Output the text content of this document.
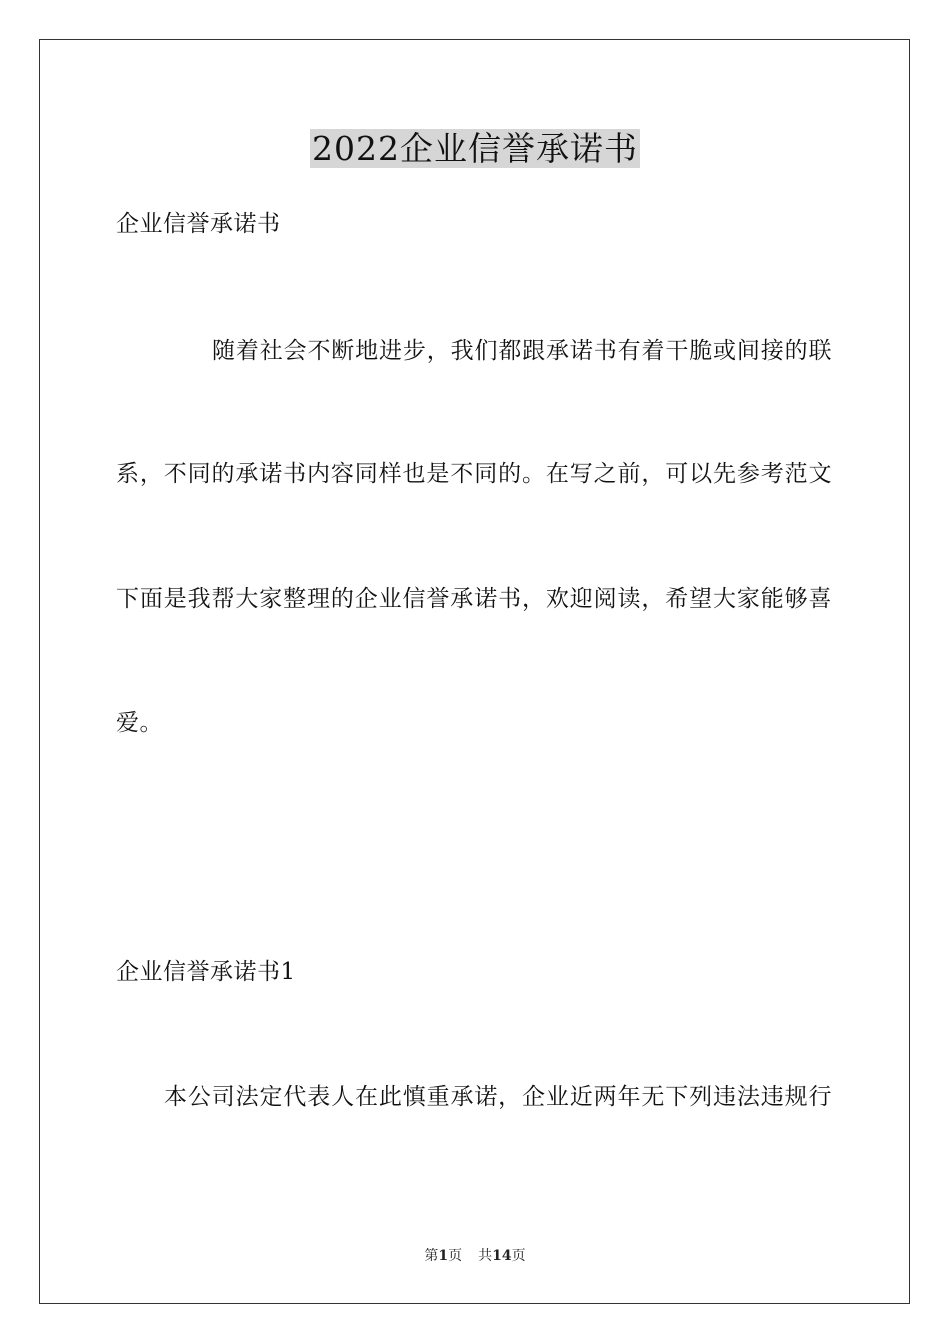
2022企业信誉承诺书
企业信誉承诺书
随着社会不断地进步，我们都跟承诺书有着干脆或间接的联
系，不同的承诺书内容同样也是不同的。在写之前，可以先参考范文
下面是我帮大家整理的企业信誉承诺书，欢迎阅读，希望大家能够喜
爱。
企业信誉承诺书1
本公司法定代表人在此慎重承诺，企业近两年无下列违法违规行
第1页 共14页
